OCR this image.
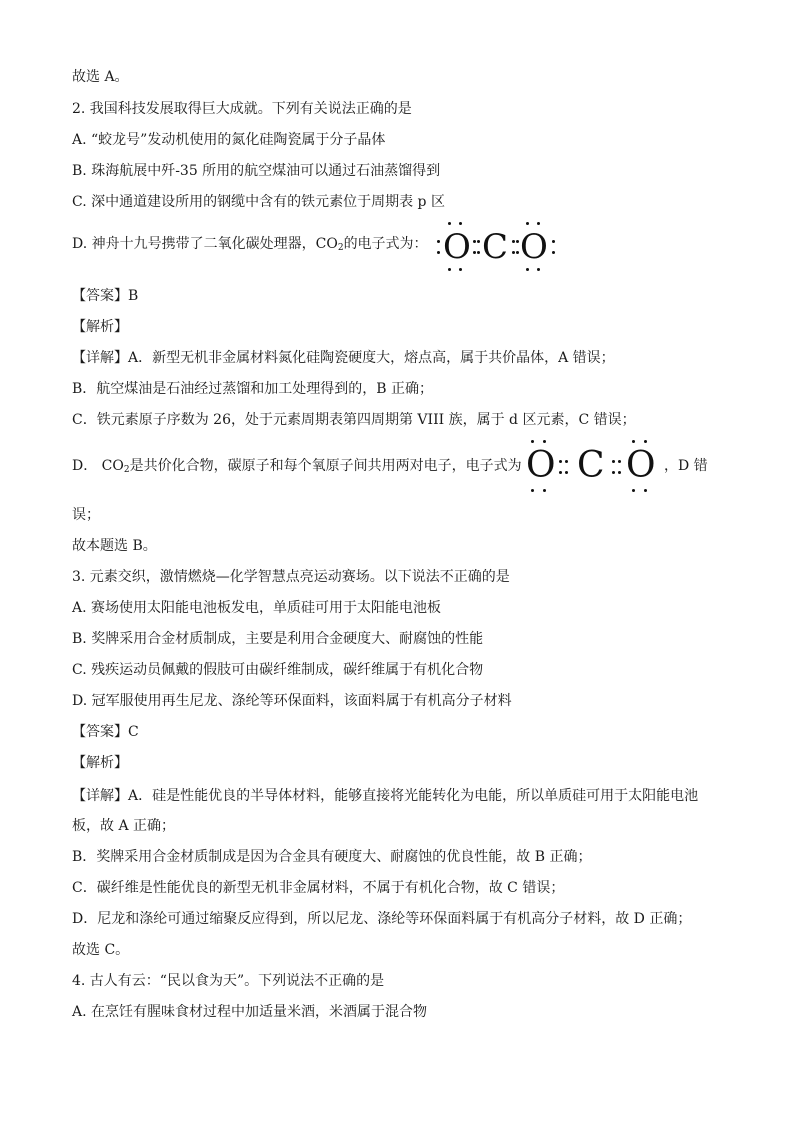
故选 A。
2. 我国科技发展取得巨大成就。下列有关说法正确的是
A. “蛟龙号”发动机使用的氮化硅陶瓷属于分子晶体
B. 珠海航展中歼-35 所用的航空煤油可以通过石油蒸馏得到
C. 深中通道建设所用的钢缆中含有的铁元素位于周期表 p 区
D. 神舟十九号携带了二氧化碳处理器，$CO_2$的电子式为： O C O
【答案】B
【解析】
【详解】A．新型无机非金属材料氮化硅陶瓷硬度大，熔点高，属于共价晶体，A 错误；
B．航空煤油是石油经过蒸馏和加工处理得到的，B 正确；
C．铁元素原子序数为 26，处于元素周期表第四周期第 VIII 族，属于 d 区元素，C 错误；
D． $CO_2$是共价化合物，碳原子和每个氧原子间共用两对电子，电子式为 O C O ，D 错
误；
故本题选 B。
3. 元素交织，激情燃烧—化学智慧点亮运动赛场。以下说法不正确的是
A. 赛场使用太阳能电池板发电，单质硅可用于太阳能电池板
B. 奖牌采用合金材质制成，主要是利用合金硬度大、耐腐蚀的性能
C. 残疾运动员佩戴的假肢可由碳纤维制成，碳纤维属于有机化合物
D. 冠军服使用再生尼龙、涤纶等环保面料，该面料属于有机高分子材料
【答案】C
【解析】
【详解】A．硅是性能优良的半导体材料，能够直接将光能转化为电能，所以单质硅可用于太阳能电池
板，故 A 正确；
B．奖牌采用合金材质制成是因为合金具有硬度大、耐腐蚀的优良性能，故 B 正确；
C．碳纤维是性能优良的新型无机非金属材料，不属于有机化合物，故 C 错误；
D．尼龙和涤纶可通过缩聚反应得到，所以尼龙、涤纶等环保面料属于有机高分子材料，故 D 正确；
故选 C。
4. 古人有云：“民以食为天”。下列说法不正确的是
A. 在烹饪有腥味食材过程中加适量米酒，米酒属于混合物
